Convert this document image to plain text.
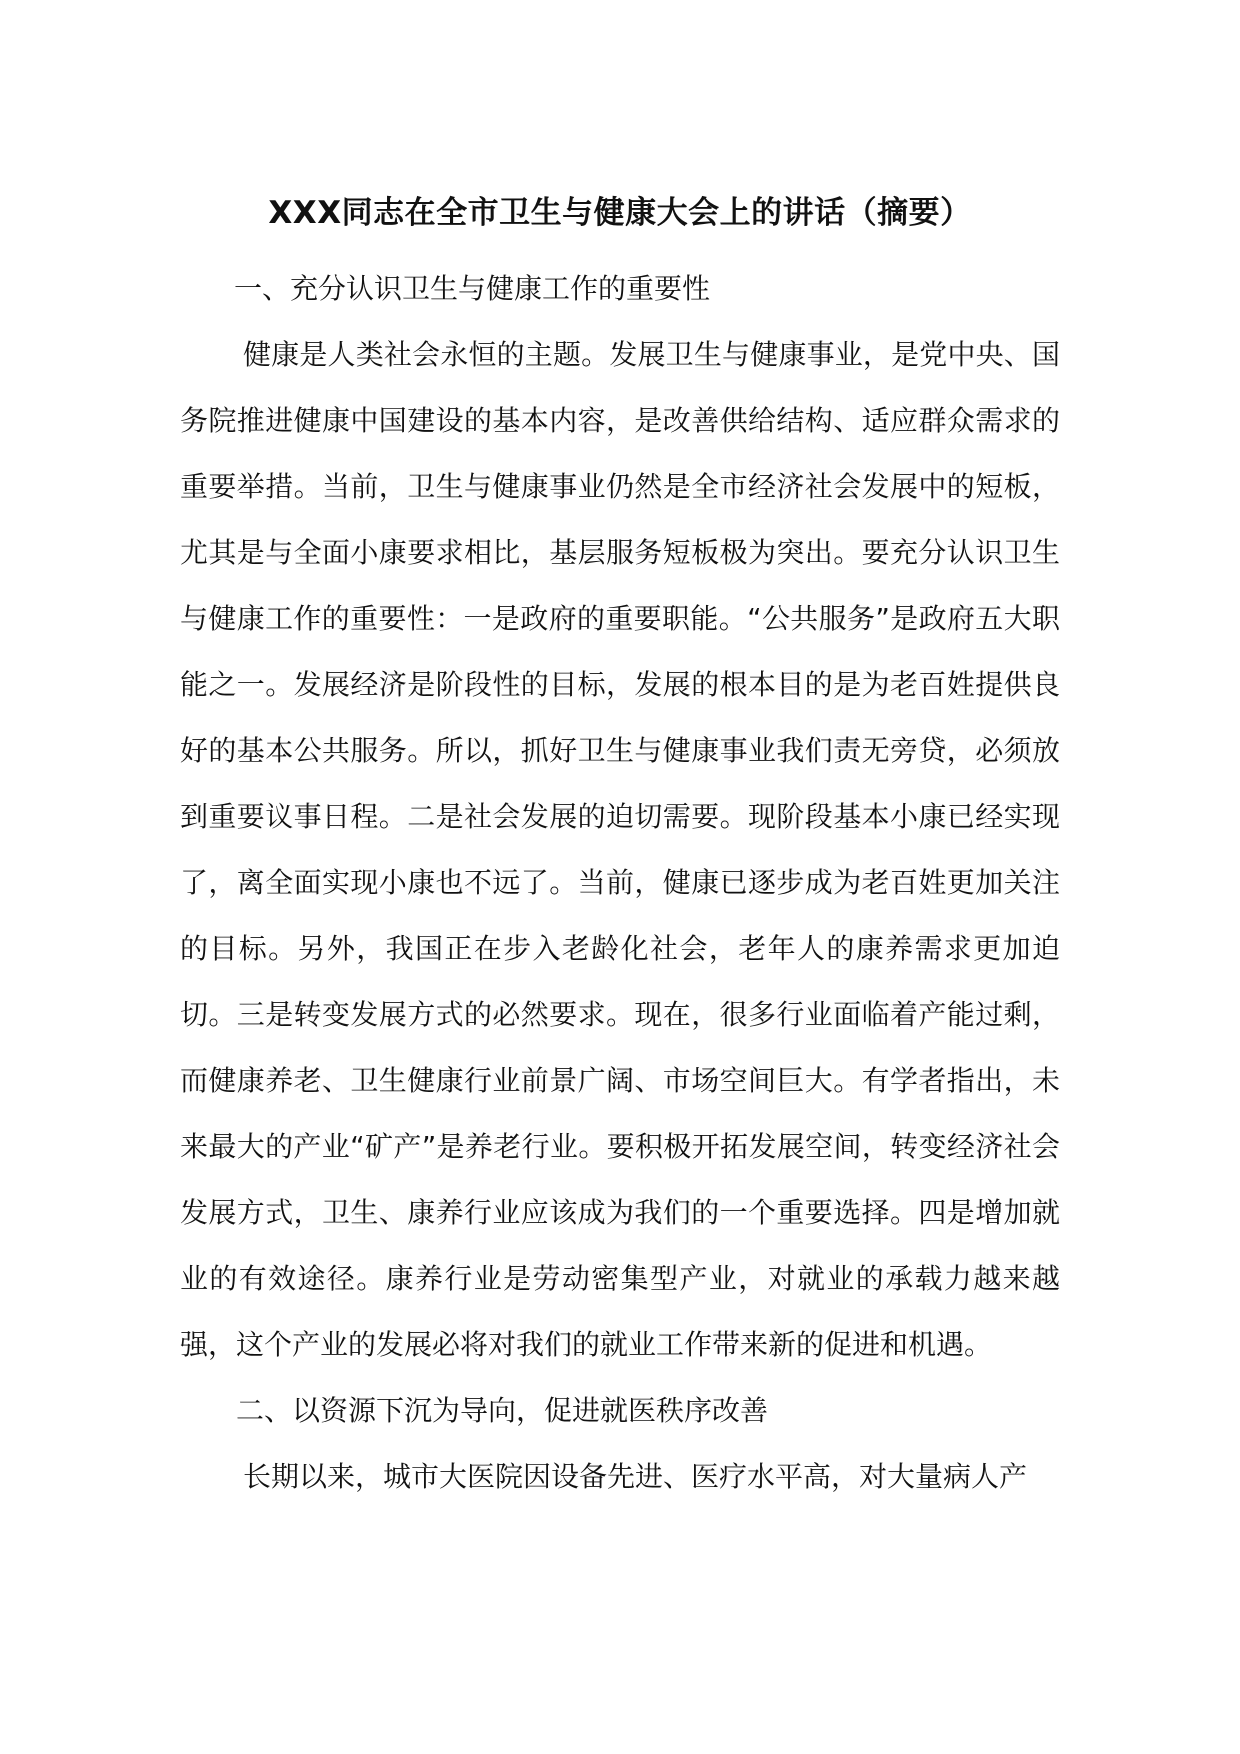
XXX同志在全市卫生与健康大会上的讲话（摘要）

一、充分认识卫生与健康工作的重要性

健康是人类社会永恒的主题。发展卫生与健康事业，是党中央、国务院推进健康中国建设的基本内容，是改善供给结构、适应群众需求的重要举措。当前，卫生与健康事业仍然是全市经济社会发展中的短板，尤其是与全面小康要求相比，基层服务短板极为突出。要充分认识卫生与健康工作的重要性：一是政府的重要职能。“公共服务”是政府五大职能之一。发展经济是阶段性的目标，发展的根本目的是为老百姓提供良好的基本公共服务。所以，抓好卫生与健康事业我们责无旁贷，必须放到重要议事日程。二是社会发展的迫切需要。现阶段基本小康已经实现了，离全面实现小康也不远了。当前，健康已逐步成为老百姓更加关注的目标。另外，我国正在步入老龄化社会，老年人的康养需求更加迫切。三是转变发展方式的必然要求。现在，很多行业面临着产能过剩，而健康养老、卫生健康行业前景广阔、市场空间巨大。有学者指出，未来最大的产业“矿产”是养老行业。要积极开拓发展空间，转变经济社会发展方式，卫生、康养行业应该成为我们的一个重要选择。四是增加就业的有效途径。康养行业是劳动密集型产业，对就业的承载力越来越强，这个产业的发展必将对我们的就业工作带来新的促进和机遇。

二、以资源下沉为导向，促进就医秩序改善

长期以来，城市大医院因设备先进、医疗水平高，对大量病人产
